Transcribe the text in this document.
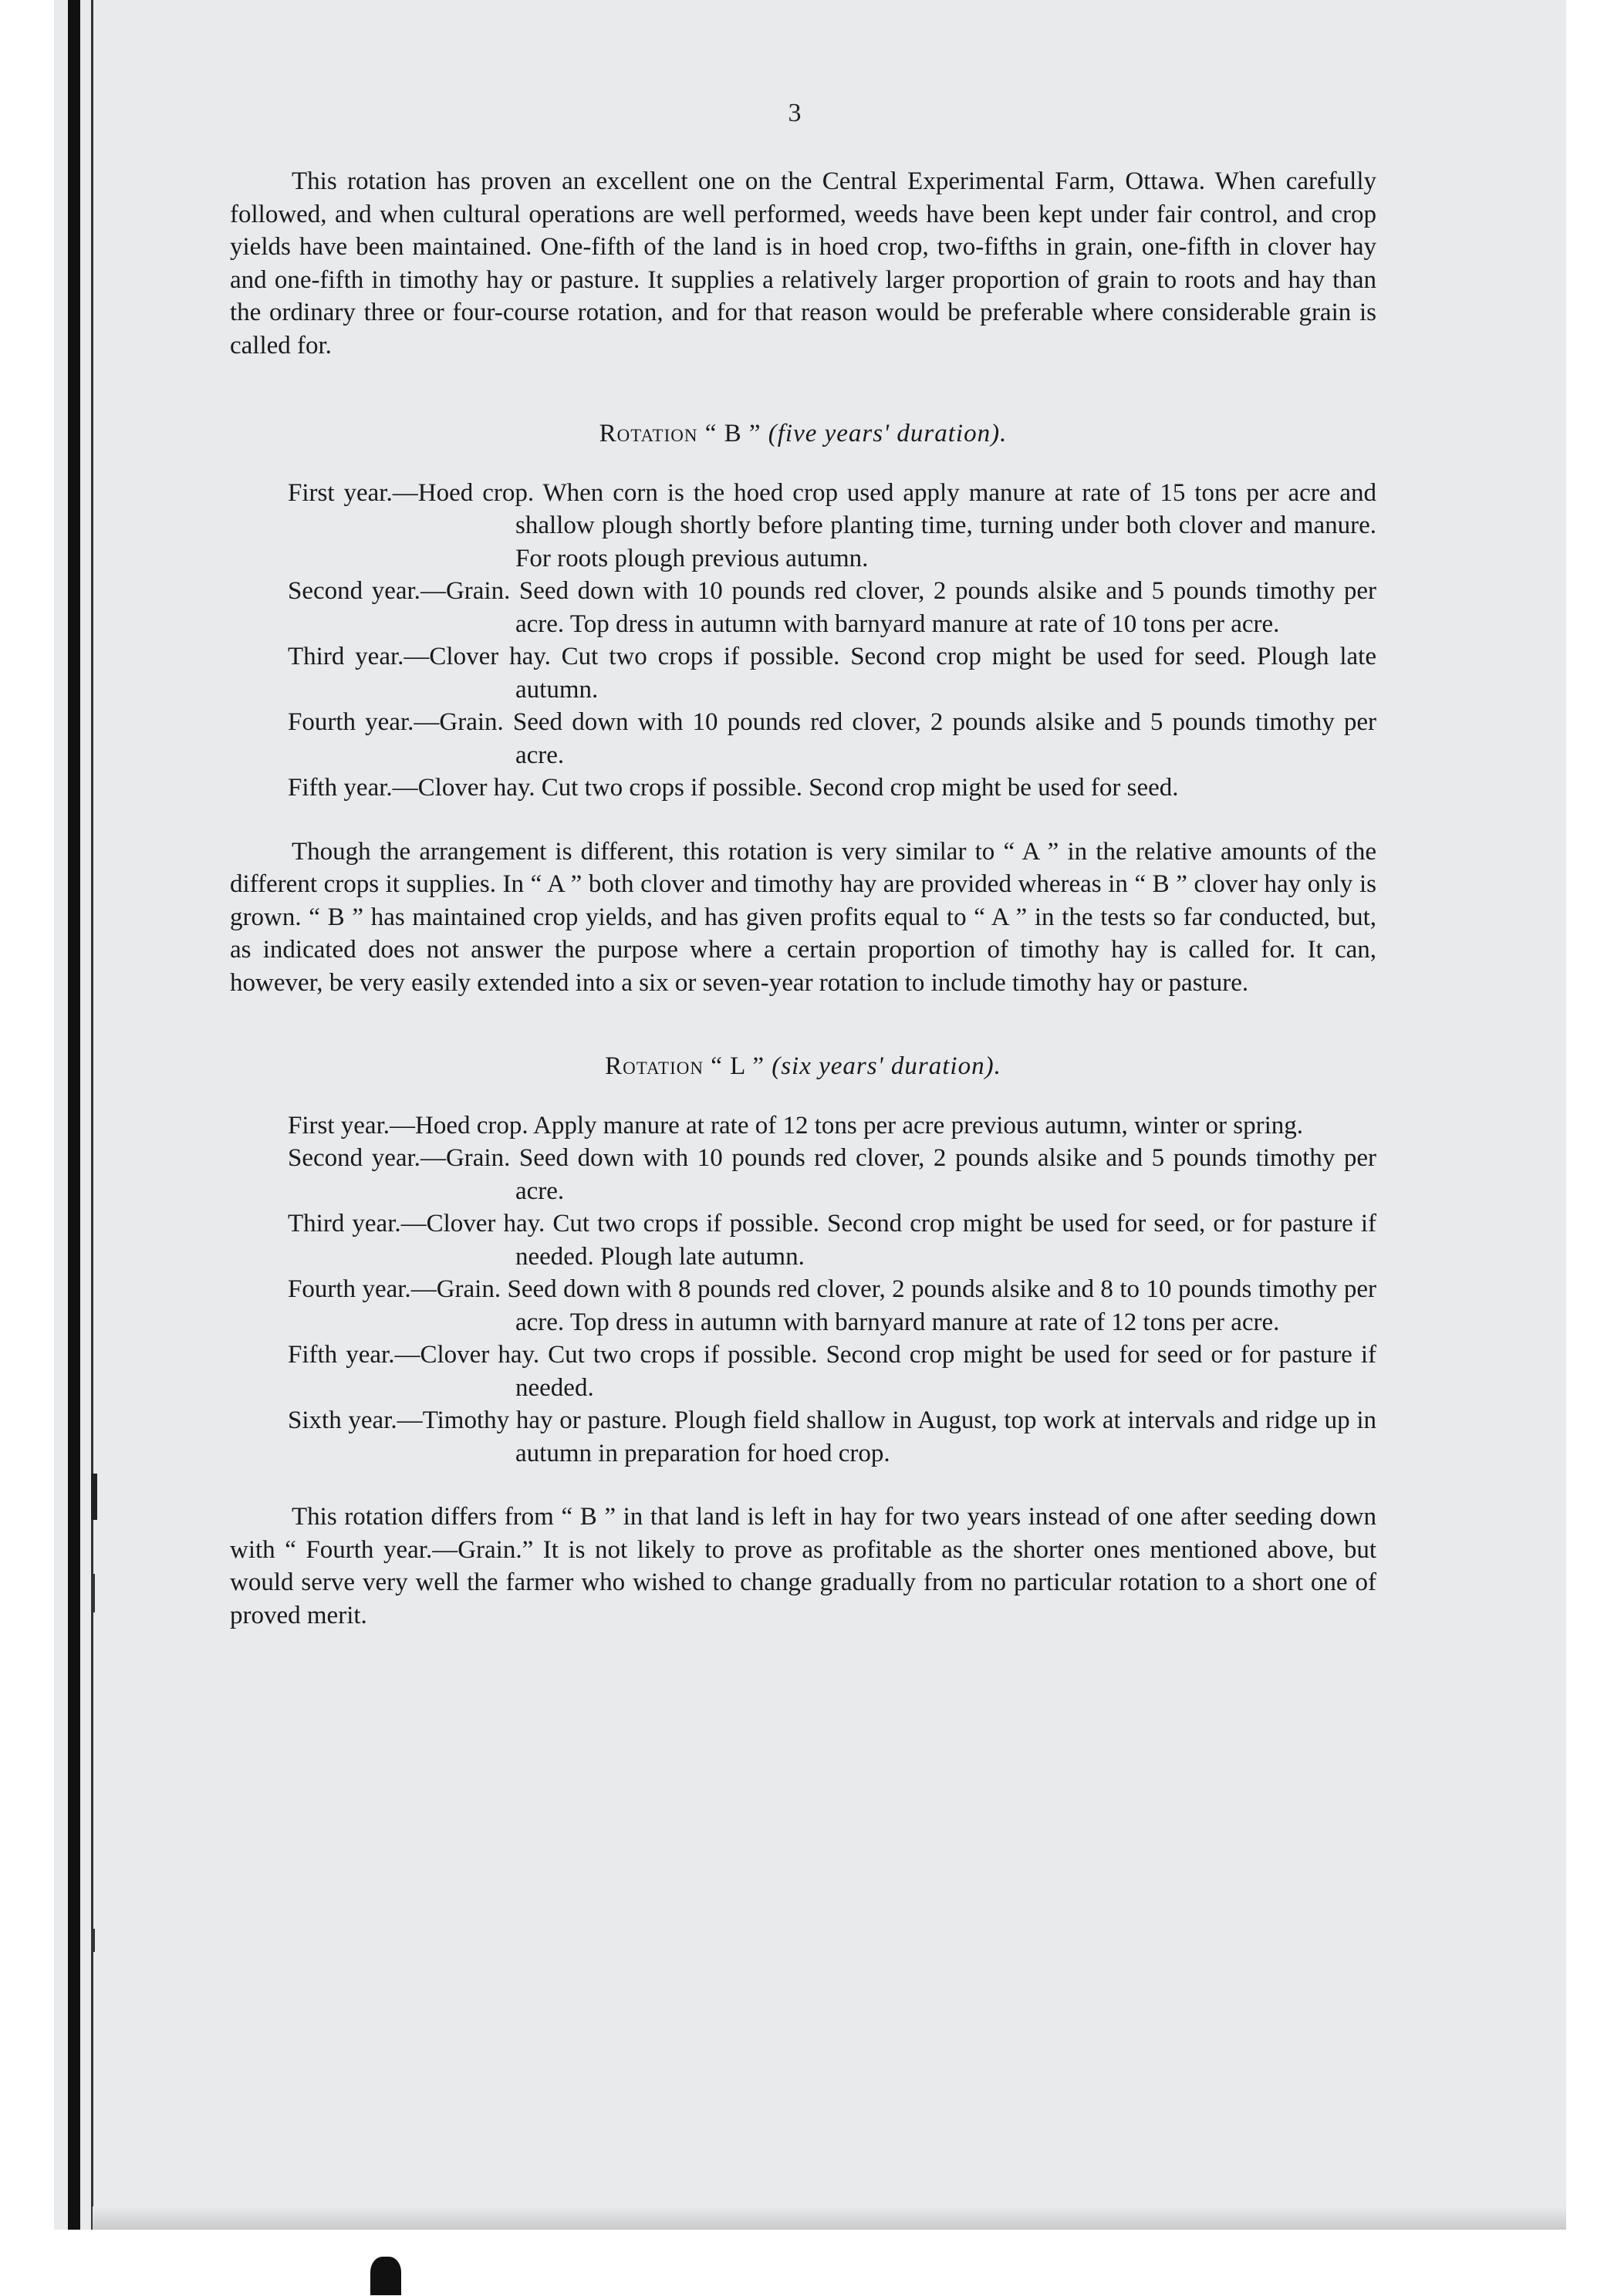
3

This rotation has proven an excellent one on the Central Experimental Farm, Ottawa. When carefully followed, and when cultural operations are well performed, weeds have been kept under fair control, and crop yields have been maintained. One-fifth of the land is in hoed crop, two-fifths in grain, one-fifth in clover hay and one-fifth in timothy hay or pasture. It supplies a relatively larger proportion of grain to roots and hay than the ordinary three or four-course rotation, and for that reason would be preferable where considerable grain is called for.

Rotation “ B ” (five years' duration).

First year.—Hoed crop. When corn is the hoed crop used apply manure at rate of 15 tons per acre and shallow plough shortly before planting time, turning under both clover and manure. For roots plough previous autumn.

Second year.—Grain. Seed down with 10 pounds red clover, 2 pounds alsike and 5 pounds timothy per acre. Top dress in autumn with barnyard manure at rate of 10 tons per acre.

Third year.—Clover hay. Cut two crops if possible. Second crop might be used for seed. Plough late autumn.

Fourth year.—Grain. Seed down with 10 pounds red clover, 2 pounds alsike and 5 pounds timothy per acre.

Fifth year.—Clover hay. Cut two crops if possible. Second crop might be used for seed.

Though the arrangement is different, this rotation is very similar to “ A ” in the relative amounts of the different crops it supplies. In “ A ” both clover and timothy hay are provided whereas in “ B ” clover hay only is grown. “ B ” has maintained crop yields, and has given profits equal to “ A ” in the tests so far conducted, but, as indicated does not answer the purpose where a certain proportion of timothy hay is called for. It can, however, be very easily extended into a six or seven-year rotation to include timothy hay or pasture.

Rotation “ L ” (six years' duration).

First year.—Hoed crop. Apply manure at rate of 12 tons per acre previous autumn, winter or spring.

Second year.—Grain. Seed down with 10 pounds red clover, 2 pounds alsike and 5 pounds timothy per acre.

Third year.—Clover hay. Cut two crops if possible. Second crop might be used for seed, or for pasture if needed. Plough late autumn.

Fourth year.—Grain. Seed down with 8 pounds red clover, 2 pounds alsike and 8 to 10 pounds timothy per acre. Top dress in autumn with barnyard manure at rate of 12 tons per acre.

Fifth year.—Clover hay. Cut two crops if possible. Second crop might be used for seed or for pasture if needed.

Sixth year.—Timothy hay or pasture. Plough field shallow in August, top work at intervals and ridge up in autumn in preparation for hoed crop.

This rotation differs from “ B ” in that land is left in hay for two years instead of one after seeding down with “ Fourth year.—Grain.” It is not likely to prove as profitable as the shorter ones mentioned above, but would serve very well the farmer who wished to change gradually from no particular rotation to a short one of proved merit.
